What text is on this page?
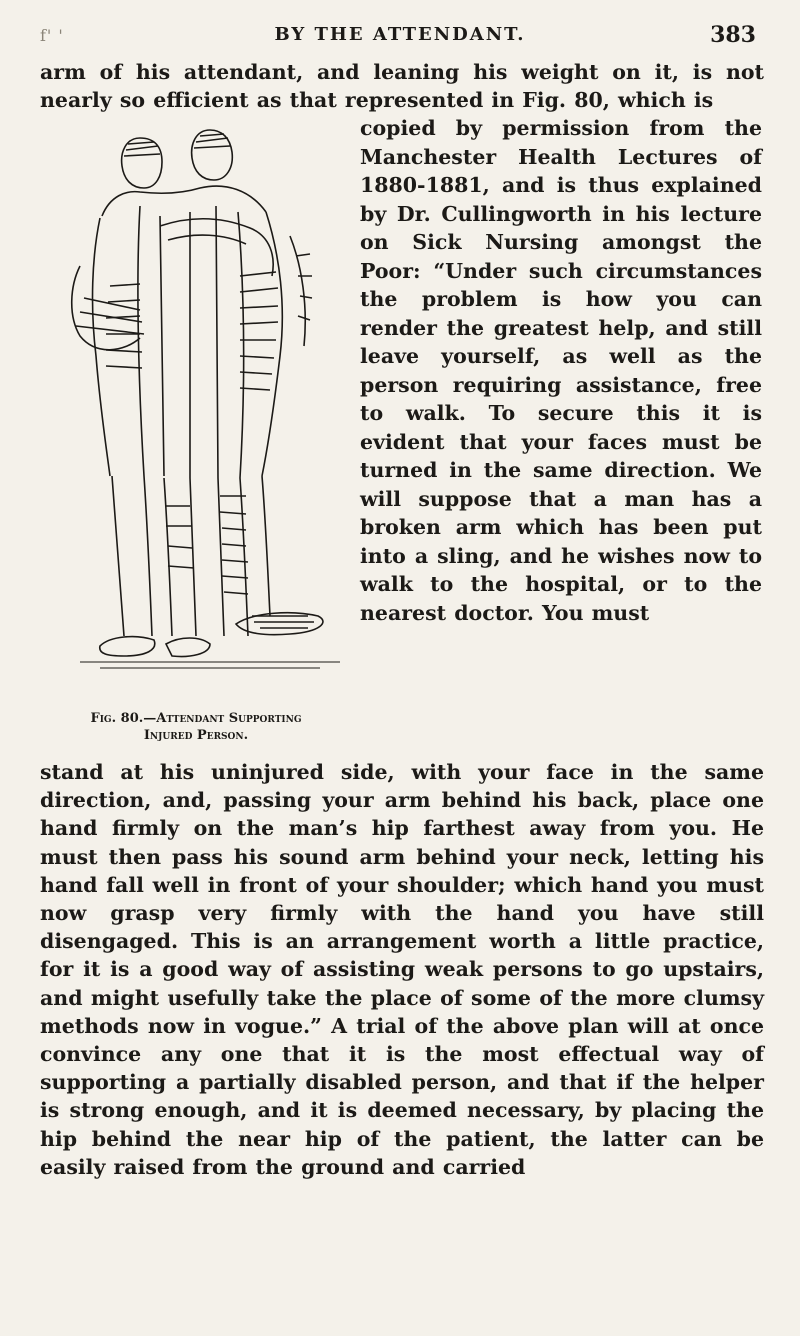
f' '	BY THE ATTENDANT.	383

arm of his attendant, and leaning his weight on it, is not nearly so efficient as that represented in Fig. 80, which is

Fig. 80.—Attendant Supporting
Injured Person.

copied by permission from the Manchester Health Lectures of 1880-1881, and is thus explained by Dr. Cullingworth in his lecture on Sick Nursing amongst the Poor: “Under such circumstances the problem is how you can render the greatest help, and still leave yourself, as well as the person requiring assistance, free to walk. To secure this it is evident that your faces must be turned in the same direction. We will suppose that a man has a broken arm which has been put into a sling, and he wishes now to walk to the hospital, or to the nearest doctor. You must

stand at his uninjured side, with your face in the same direction, and, passing your arm behind his back, place one hand firmly on the man’s hip farthest away from you. He must then pass his sound arm behind your neck, letting his hand fall well in front of your shoulder; which hand you must now grasp very firmly with the hand you have still disengaged. This is an arrangement worth a little practice, for it is a good way of assisting weak persons to go upstairs, and might usefully take the place of some of the more clumsy methods now in vogue.” A trial of the above plan will at once convince any one that it is the most effectual way of supporting a partially disabled person, and that if the helper is strong enough, and it is deemed necessary, by placing the hip behind the near hip of the patient, the latter can be easily raised from the ground and carried
